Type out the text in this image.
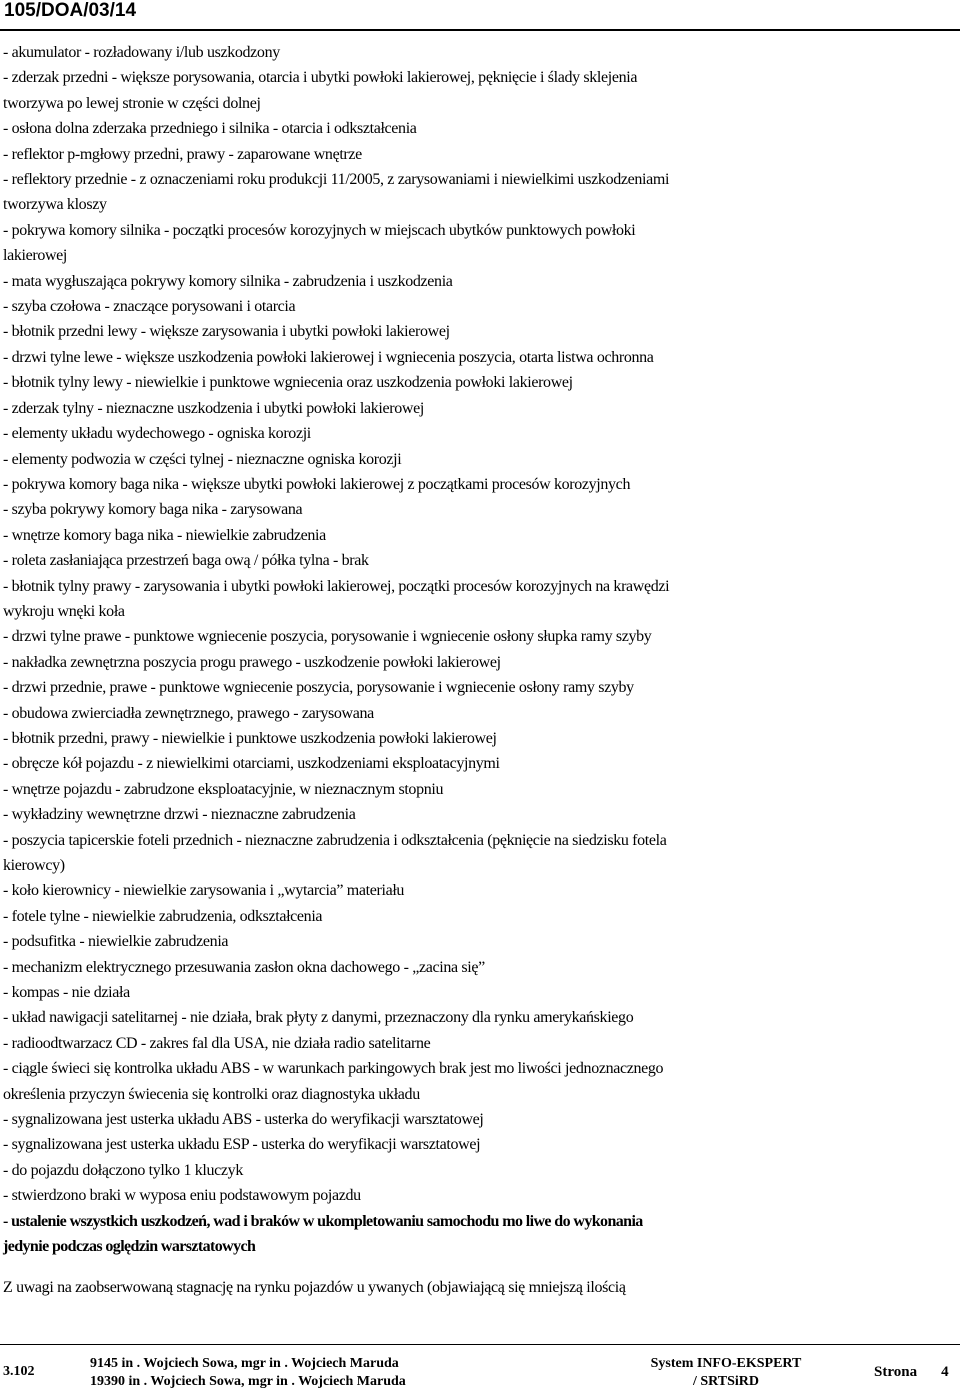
105/DOA/03/14
- akumulator - rozładowany i/lub uszkodzony
- zderzak przedni - większe porysowania, otarcia i ubytki powłoki lakierowej, pęknięcie i ślady sklejenia
tworzywa po lewej stronie w części dolnej
- osłona dolna zderzaka przedniego i silnika - otarcia i odkształcenia
- reflektor p-mgłowy przedni, prawy - zaparowane wnętrze
- reflektory przednie - z oznaczeniami roku produkcji 11/2005, z zarysowaniami i niewielkimi uszkodzeniami
tworzywa kloszy
- pokrywa komory silnika - początki procesów korozyjnych w miejscach ubytków punktowych powłoki
lakierowej
- mata wygłuszająca pokrywy komory silnika - zabrudzenia i uszkodzenia
- szyba czołowa - znaczące porysowani i otarcia
- błotnik przedni lewy - większe zarysowania i ubytki powłoki lakierowej
- drzwi tylne lewe - większe uszkodzenia powłoki lakierowej i wgniecenia poszycia, otarta listwa ochronna
- błotnik tylny lewy - niewielkie i punktowe wgniecenia oraz uszkodzenia powłoki lakierowej
- zderzak tylny - nieznaczne uszkodzenia i ubytki powłoki lakierowej
- elementy układu wydechowego - ogniska korozji
- elementy podwozia w części tylnej - nieznaczne ogniska korozji
- pokrywa komory baga nika - większe ubytki powłoki lakierowej z początkami procesów korozyjnych
- szyba pokrywy komory baga nika - zarysowana
- wnętrze komory baga nika - niewielkie zabrudzenia
- roleta zasłaniająca przestrzeń baga ową / półka tylna - brak
- błotnik tylny prawy - zarysowania i ubytki powłoki lakierowej, początki procesów korozyjnych na krawędzi
wykroju wnęki koła
- drzwi tylne prawe - punktowe wgniecenie poszycia, porysowanie i wgniecenie osłony słupka ramy szyby
- nakładka zewnętrzna poszycia progu prawego - uszkodzenie powłoki lakierowej
- drzwi przednie, prawe - punktowe wgniecenie poszycia, porysowanie i wgniecenie osłony ramy szyby
- obudowa zwierciadła zewnętrznego, prawego - zarysowana
- błotnik przedni, prawy - niewielkie i punktowe uszkodzenia powłoki lakierowej
- obręcze kół pojazdu - z niewielkimi otarciami, uszkodzeniami eksploatacyjnymi
- wnętrze pojazdu - zabrudzone eksploatacyjnie, w nieznacznym stopniu
- wykładziny wewnętrzne drzwi - nieznaczne zabrudzenia
- poszycia tapicerskie foteli przednich - nieznaczne zabrudzenia i odkształcenia (pęknięcie na siedzisku fotela
kierowcy)
- koło kierownicy - niewielkie zarysowania i „wytarcia” materiału
- fotele tylne - niewielkie zabrudzenia, odkształcenia
- podsufitka - niewielkie zabrudzenia
- mechanizm elektrycznego przesuwania zasłon okna dachowego - „zacina się”
- kompas - nie działa
- układ nawigacji satelitarnej - nie działa, brak płyty z danymi, przeznaczony dla rynku amerykańskiego
- radioodtwarzacz CD - zakres fal dla USA, nie działa radio satelitarne
- ciągle świeci się kontrolka układu ABS - w warunkach parkingowych brak jest mo liwości jednoznacznego
określenia przyczyn świecenia się kontrolki oraz diagnostyka układu
- sygnalizowana jest usterka układu ABS - usterka do weryfikacji warsztatowej
- sygnalizowana jest usterka układu ESP - usterka do weryfikacji warsztatowej
- do pojazdu dołączono tylko 1 kluczyk
- stwierdzono braki w wyposa eniu podstawowym pojazdu
- ustalenie wszystkich uszkodzeń, wad i braków w ukompletowaniu samochodu mo liwe do wykonania
jedynie podczas oględzin warsztatowych
Z uwagi na zaobserwowaną stagnację na rynku pojazdów u ywanych (objawiającą się mniejszą ilością
3.102
9145 in . Wojciech Sowa, mgr in . Wojciech Maruda
19390 in . Wojciech Sowa, mgr in . Wojciech Maruda
System INFO-EKSPERT
/ SRTSiRD
Strona 4
